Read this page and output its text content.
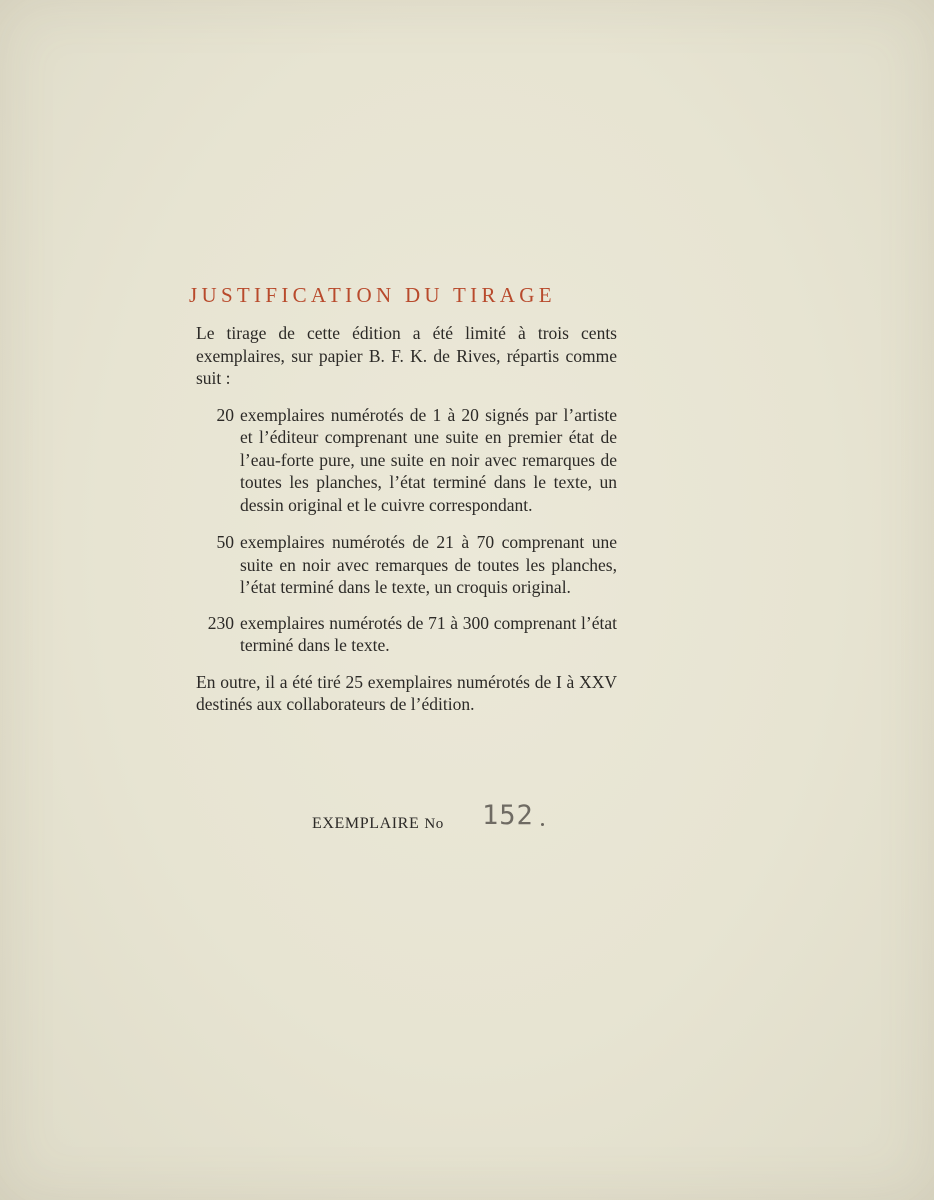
JUSTIFICATION DU TIRAGE

Le tirage de cette édition a été limité à trois cents exemplaires, sur papier B. F. K. de Rives, répartis comme suit :

20 exemplaires numérotés de 1 à 20 signés par l’artiste et l’éditeur comprenant une suite en premier état de l’eau-forte pure, une suite en noir avec remarques de toutes les planches, l’état terminé dans le texte, un dessin original et le cuivre correspondant.
50 exemplaires numérotés de 21 à 70 comprenant une suite en noir avec remarques de toutes les planches, l’état terminé dans le texte, un croquis original.
230 exemplaires numérotés de 71 à 300 comprenant l’état terminé dans le texte.

En outre, il a été tiré 25 exemplaires numérotés de I à XXV destinés aux collaborateurs de l’édition.

EXEMPLAIRE No 152
